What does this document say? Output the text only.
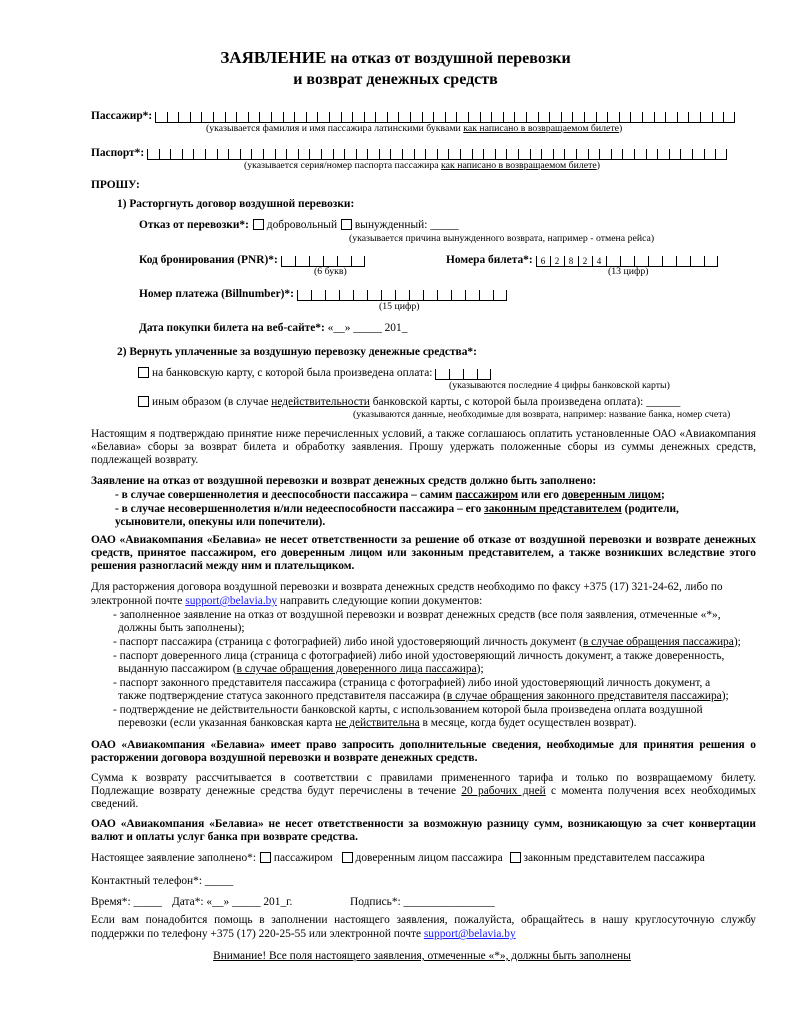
ЗАЯВЛЕНИЕ на отказ от воздушной перевозки
и возврат денежных средств
Пассажир*:
(указывается фамилия и имя пассажира латинскими буквами как написано в возвращаемом билете)
Паспорт*:
(указывается серия/номер паспорта пассажира как написано в возвращаемом билете)
ПРОШУ:
1) Расторгнуть договор воздушной перевозки:
Отказ от перевозки*: добровольный вынужденный: _____
(указывается причина вынужденного возврата, например - отмена рейса)
Код бронирования (PNR)*:
(6 букв)
Номера билета*: 6 2 8 2 4
(13 цифр)
Номер платежа (Billnumber)*:
(15 цифр)
Дата покупки билета на веб-сайте*: «__» _____ 201_
2) Вернуть уплаченные за воздушную перевозку денежные средства*:
на банковскую карту, с которой была произведена оплата:
(указываются последние 4 цифры банковской карты)
иным образом (в случае недействительности банковской карты, с которой была произведена оплата): ______
(указываются данные, необходимые для возврата, например: название банка, номер счета)
Настоящим я подтверждаю принятие ниже перечисленных условий, а также соглашаюсь оплатить установленные ОАО «Авиакомпания «Белавиа» сборы за возврат билета и обработку заявления. Прошу удержать положенные сборы из суммы денежных средств, подлежащей возврату.
Заявление на отказ от воздушной перевозки и возврат денежных средств должно быть заполнено:
- в случае совершеннолетия и дееспособности пассажира – самим пассажиром или его доверенным лицом;
- в случае несовершеннолетия и/или недееспособности пассажира – его законным представителем (родители,
усыновители, опекуны или попечители).
ОАО «Авиакомпания «Белавиа» не несет ответственности за решение об отказе от воздушной перевозки и возврате денежных средств, принятое пассажиром, его доверенным лицом или законным представителем, а также возникших вследствие этого решения разногласий между ним и плательщиком.
Для расторжения договора воздушной перевозки и возврата денежных средств необходимо по факсу +375 (17) 321-24-62, либо по
электронной почте support@belavia.by направить следующие копии документов:
- заполненное заявление на отказ от воздушной перевозки и возврат денежных средств (все поля заявления, отмеченные «*»,
должны быть заполнены);
- паспорт пассажира (страница с фотографией) либо иной удостоверяющий личность документ (в случае обращения пассажира);
- паспорт доверенного лица (страница с фотографией) либо иной удостоверяющий личность документ, а также доверенность,
выданную пассажиром (в случае обращения доверенного лица пассажира);
- паспорт законного представителя пассажира (страница с фотографией) либо иной удостоверяющий личность документ, а
также подтверждение статуса законного представителя пассажира (в случае обращения законного представителя пассажира);
- подтверждение не действительности банковской карты, с использованием которой была произведена оплата воздушной
перевозки (если указанная банковская карта не действительна в месяце, когда будет осуществлен возврат).
ОАО «Авиакомпания «Белавиа» имеет право запросить дополнительные сведения, необходимые для принятия решения о расторжении договора воздушной перевозки и возврате денежных средств.
Сумма к возврату рассчитывается в соответствии с правилами примененного тарифа и только по возвращаемому билету.
Подлежащие возврату денежные средства будут перечислены в течение 20 рабочих дней с момента получения всех необходимых
сведений.
ОАО «Авиакомпания «Белавиа» не несет ответственности за возможную разницу сумм, возникающую за счет конвертации валют и оплаты услуг банка при возврате средства.
Настоящее заявление заполнено*: пассажиром доверенным лицом пассажира законным представителем пассажира
Контактный телефон*: _____
Время*: _____ Дата*: «__» _____ 201_г.	Подпись*: ________________
Если вам понадобится помощь в заполнении настоящего заявления, пожалуйста, обращайтесь в нашу круглосуточную службу
поддержки по телефону +375 (17) 220-25-55 или электронной почте support@belavia.by
Внимание! Все поля настоящего заявления, отмеченные «*», должны быть заполнены
